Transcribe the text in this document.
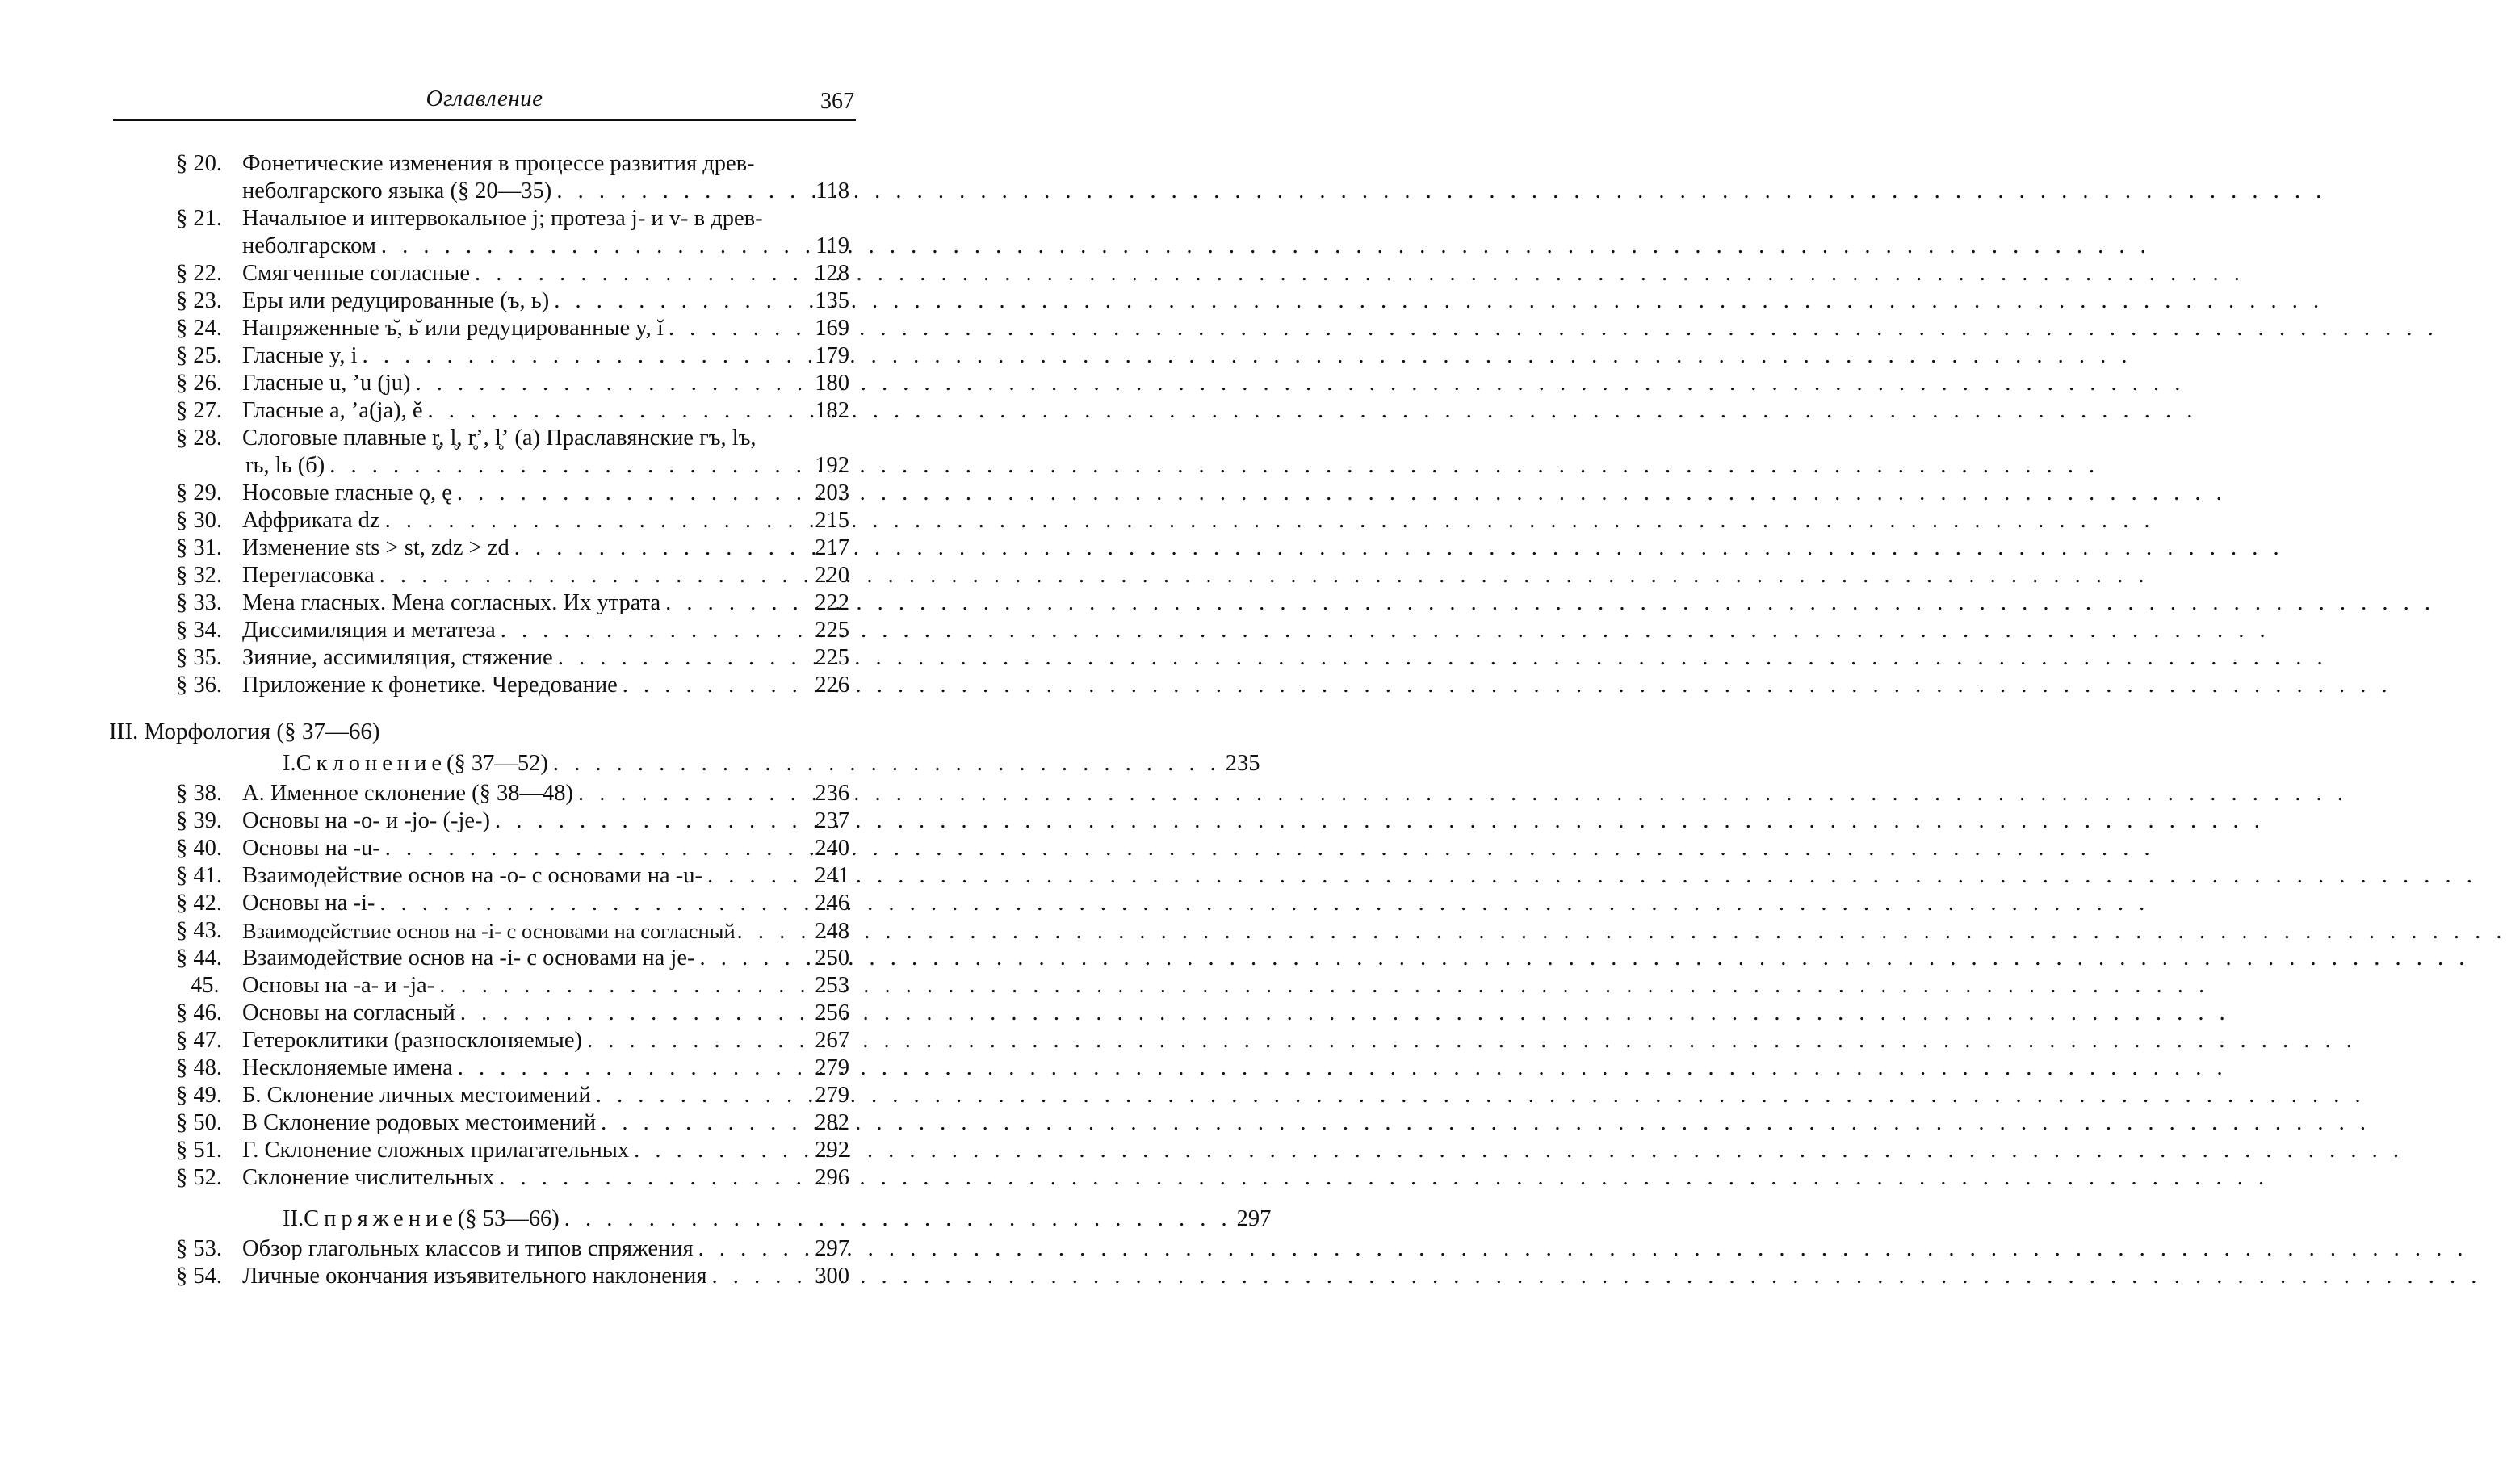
Оглавление	367
§ 20. Фонетические изменения в процессе развития древ-
неболгарского языка (§ 20—35) . . .	118
§ 21. Начальное и интервокальное j; протеза j- и v- в древ-
неболгарском . . .	119
§ 22. Смягченные согласные . . .	128
§ 23. Еры или редуцированные (ъ, ь) . . .	135
§ 24. Напряженные ъ̆, ь̆ или редуцированные y, ĭ . . .	169
§ 25. Гласные y, i . . .	179
§ 26. Гласные u, ʼu (ju) . . .	180
§ 27. Гласные a, ʼa(ja), ě . . .	182
§ 28. Слоговые плавные r̥, l̥, r̥ʼ, l̥ʼ (a) Праславянские гъ, lъ,
rь, lь (б) . . .	192
§ 29. Носовые гласные ǫ, ę . . .	203
§ 30. Аффриката dz . . .	215
§ 31. Изменение sts > st, zdz > zd . . .	217
§ 32. Перегласовка . . .	220
§ 33. Мена гласных. Мена согласных. Их утрата . . .	222
§ 34. Диссимиляция и метатеза . . .	225
§ 35. Зияние, ассимиляция, стяжение . . .	225
§ 36. Приложение к фонетике. Чередование . . .	226
III. Морфология (§ 37—66)
I. Склонение (§ 37—52) . . . . . . . . . . . . . . . . . . . . . . . . . . . . . . . . 235
§ 38. А. Именное склонение (§ 38—48) . . .	236
§ 39. Основы на -о- и -jo- (-je-) . . .	237
§ 40. Основы на -u- . . .	240
§ 41. Взаимодействие основ на -о- с основами на -u- . . .	241
§ 42. Основы на -i- . . .	246
§ 43. Взаимодействие основ на -i- с основами на согласный . . .	248
§ 44. Взаимодействие основ на -i- с основами на je- . . .	250
45. Основы на -а- и -ja- . . .	253
§ 46. Основы на согласный . . .	256
§ 47. Гетероклитики (разносклоняемые) . . .	267
§ 48. Несклоняемые имена . . .	279
§ 49. Б. Склонение личных местоимений . . .	279
§ 50. В Склонение родовых местоимений . . .	282
§ 51. Г. Склонение сложных прилагательных . . .	292
§ 52. Склонение числительных . . .	296
II. Спряжение (§ 53—66) . . . . . . . . . . . . . . . . . . . . . . . . . . . . . . . . 297
§ 53. Обзор глагольных классов и типов спряжения . . .	297
§ 54. Личные окончания изъявительного наклонения . . .	300
